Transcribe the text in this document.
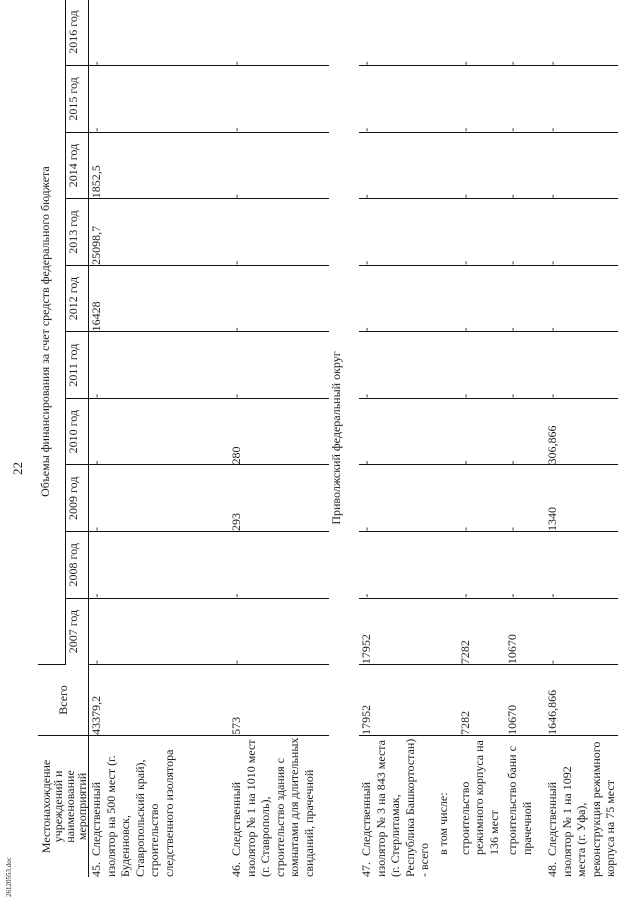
22
26120553.doc
Местонахождение учреждений и наименование мероприятий	Всего	Объемы финансирования за счет средств федерального бюджета									

		2007 год	2008 год	2009 год	2010 год	2011 год	2012 год	2013 год	2014 год	2015 год	2016 год

45.  Следственный изолятор на 500 мест (г. Буденновск, Ставропольский край), строительство следственного изолятора	43379,2	-	-	-	-	-	16428	25098,7	1852,5	-	-
46.  Следственный изолятор № 1 на 1010 мест (г. Ставрополь), строительство здания с комнатами для длительных свиданий, прачечной	573	-	-	293	280	-	-	-	-	-	-
Приволжский федеральный округ											
47.  Следственный изолятор № 3 на 843 места (г. Стерлитамак, Республика Башкортостан) - всего	17952	17952	-	-	-	-	-	-	-	-	-
в том числе:											
строительство режимного корпуса на 136 мест	7282	7282	-	-	-	-	-	-	-	-	-
строительство бани с прачечной	10670	10670	-	-	-	-	-	-	-	-	-
48.  Следственный изолятор № 1 на 1092 места (г. Уфа), реконструкция режимного корпуса на 75 мест	1646,866	-	-	1340	306,866	-	-	-	-	-	-
